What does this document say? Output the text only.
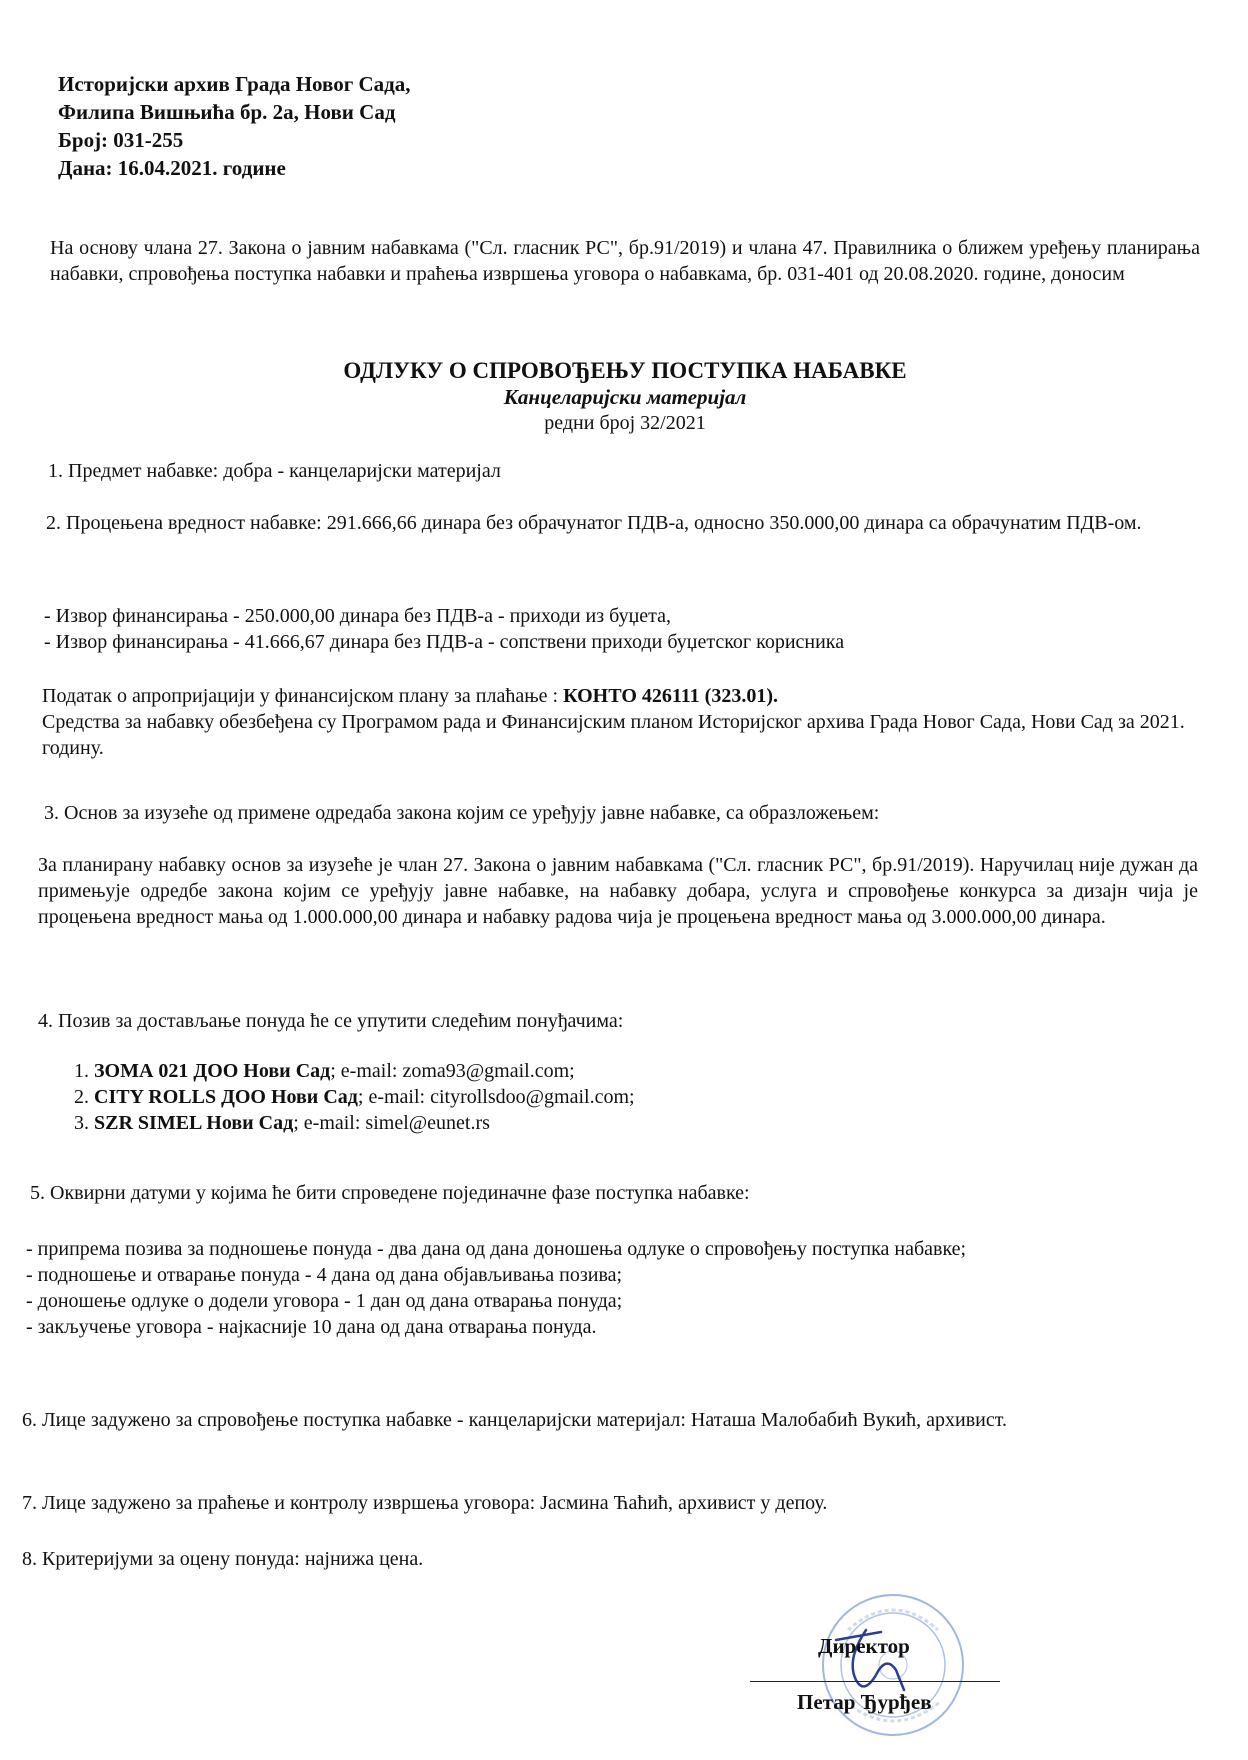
Историјски архив Града Новог Сада,
Филипа Вишњића бр. 2а, Нови Сад
Број: 031-255
Дана: 16.04.2021. године
На основу члана 27. Закона о јавним набавкама ("Сл. гласник РС", бр.91/2019) и члана 47. Правилника о ближем уређењу планирања набавки, спровођења поступка набавки и праћења извршења уговора о набавкама, бр. 031-401 од 20.08.2020. године, доносим
ОДЛУКУ О СПРОВОЂЕЊУ ПОСТУПКА НАБАВКЕ
Канцеларијски материјал
редни број 32/2021
1. Предмет набавке: добра - канцеларијски материјал
2. Процењена вредност набавке: 291.666,66 динара без обрачунатог ПДВ-а, односно 350.000,00 динара са обрачунатим ПДВ-ом.
- Извор финансирања - 250.000,00 динара без ПДВ-а - приходи из буџета,
- Извор финансирања - 41.666,67 динара без ПДВ-а - сопствени приходи буџетског корисника
Податак о апропријацији у финансијском плану за плаћање : КОНТО 426111 (323.01).
Средства за набавку обезбеђена су Програмом рада и Финансијским планом Историјског архива Града Новог Сада, Нови Сад за 2021. годину.
3. Основ за изузеће од примене одредаба закона којим се уређују јавне набавке, са образложењем:
За планирану набавку основ за изузеће је члан 27. Закона о јавним набавкама ("Сл. гласник РС", бр.91/2019). Наручилац није дужан да примењује одредбе закона којим се уређују јавне набавке, на набавку добара, услуга и спровођење конкурса за дизајн чија је процењена вредност мања од 1.000.000,00 динара и набавку радова чија је процењена вредност мања од 3.000.000,00 динара.
4. Позив за достављање понуда ће се упутити следећим понуђачима:
1. ЗОМА 021 ДОО Нови Сад; e-mail: zoma93@gmail.com;
2. CITY ROLLS ДОО Нови Сад; e-mail: cityrollsdoo@gmail.com;
3. SZR SIMEL Нови Сад; e-mail: simel@eunet.rs
5. Оквирни датуми у којима ће бити спроведене појединачне фазе поступка набавке:
- припрема позива за подношење понуда - два дана од дана доношења одлуке о спровођењу поступка набавке;
- подношење и отварање понуда - 4 дана од дана објављивања позива;
- доношење одлуке о додели уговора - 1 дан од дана отварања понуда;
- закључење уговора - најкасније 10 дана од дана отварања понуда.
6. Лице задужено за спровођење поступка набавке - канцеларијски материјал: Наташа Малобабић Вукић, архивист.
7. Лице задужено за праћење и контролу извршења уговора: Јасмина Ћаћић, архивист у депоу.
8. Критеријуми за оцену понуда: најнижа цена.
Директор
Петар Ђурђев
